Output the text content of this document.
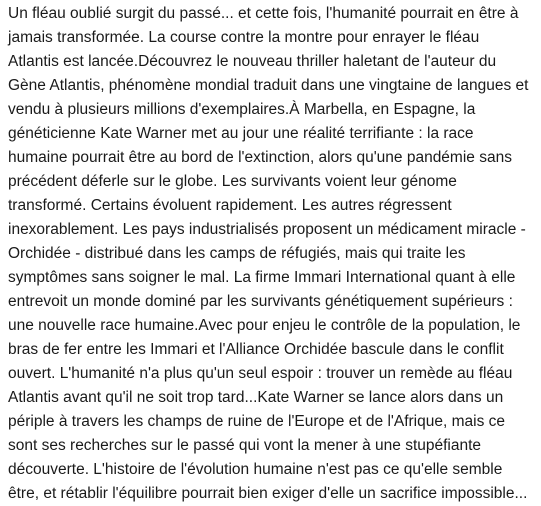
Un fléau oublié surgit du passé... et cette fois, l'humanité pourrait en être à jamais transformée. La course contre la montre pour enrayer le fléau Atlantis est lancée.Découvrez le nouveau thriller haletant de l'auteur du Gène Atlantis, phénomène mondial traduit dans une vingtaine de langues et vendu à plusieurs millions d'exemplaires.À Marbella, en Espagne, la généticienne Kate Warner met au jour une réalité terrifiante : la race humaine pourrait être au bord de l'extinction, alors qu'une pandémie sans précédent déferle sur le globe. Les survivants voient leur génome transformé. Certains évoluent rapidement. Les autres régressent inexorablement. Les pays industrialisés proposent un médicament miracle - Orchidée - distribué dans les camps de réfugiés, mais qui traite les symptômes sans soigner le mal. La firme Immari International quant à elle entrevoit un monde dominé par les survivants génétiquement supérieurs : une nouvelle race humaine.Avec pour enjeu le contrôle de la population, le bras de fer entre les Immari et l'Alliance Orchidée bascule dans le conflit ouvert. L'humanité n'a plus qu'un seul espoir : trouver un remède au fléau Atlantis avant qu'il ne soit trop tard...Kate Warner se lance alors dans un périple à travers les champs de ruine de l'Europe et de l'Afrique, mais ce sont ses recherches sur le passé qui vont la mener à une stupéfiante découverte. L'histoire de l'évolution humaine n'est pas ce qu'elle semble être, et rétablir l'équilibre pourrait bien exiger d'elle un sacrifice impossible...
